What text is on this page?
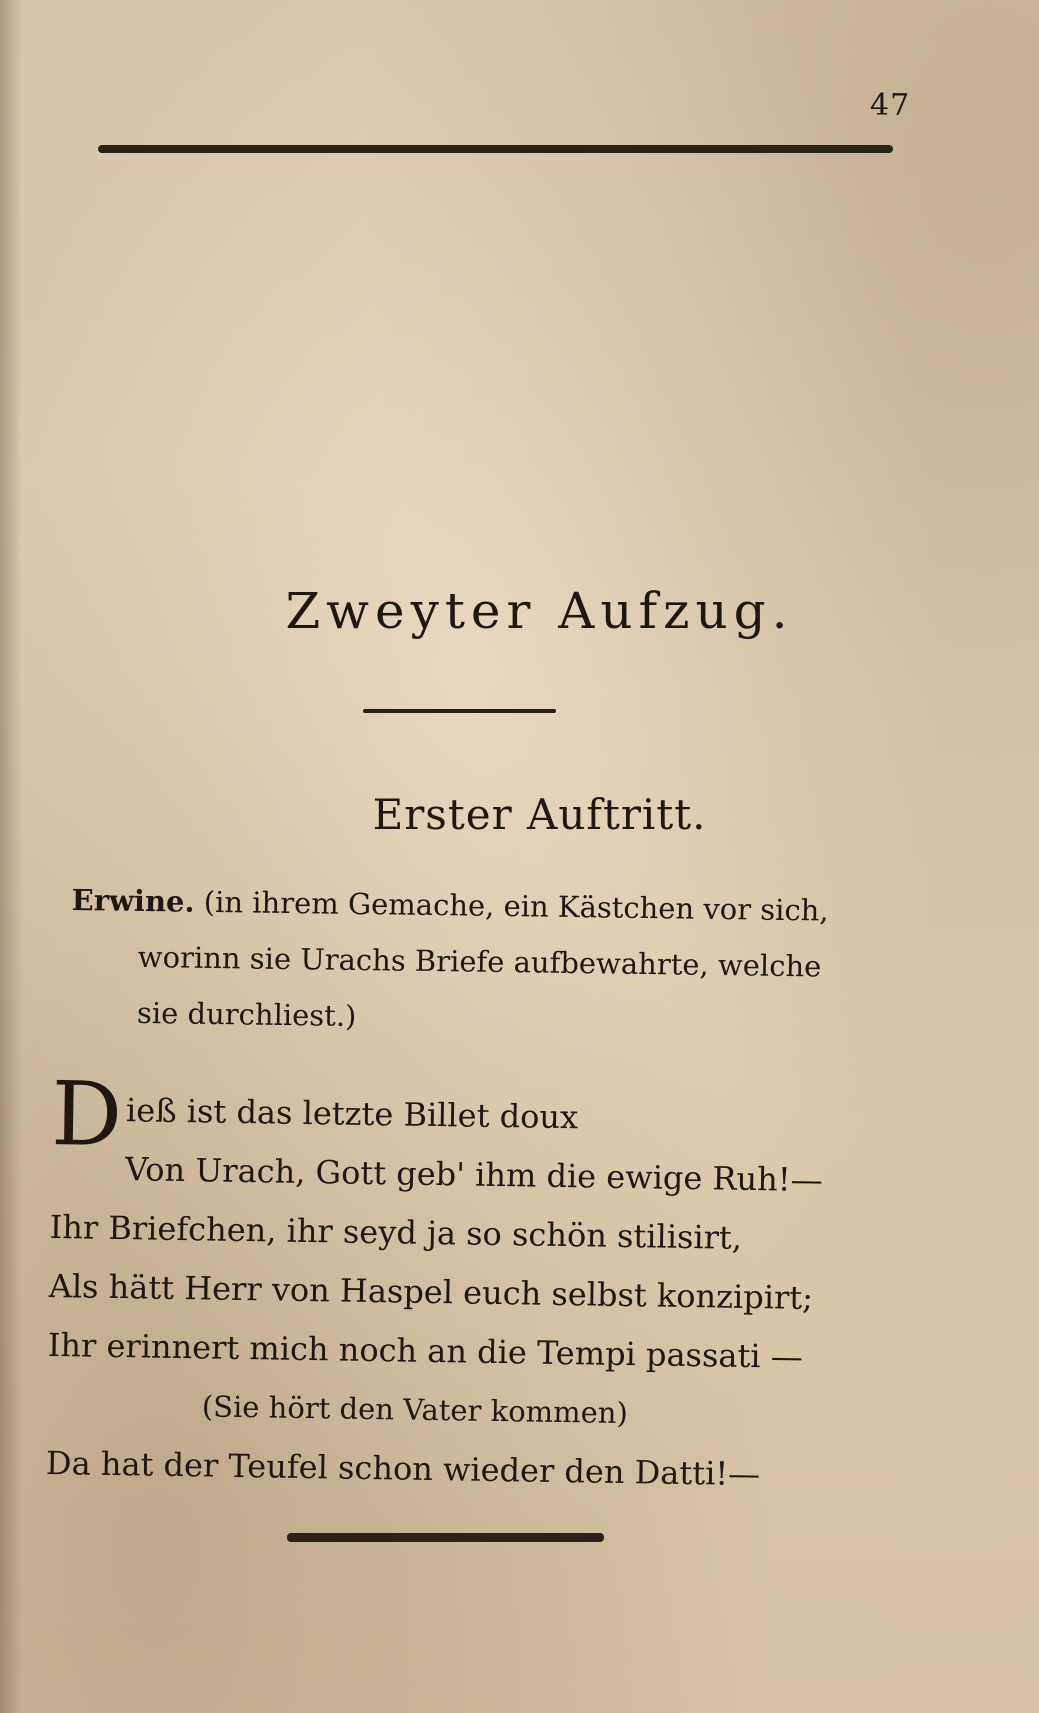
47
Zweyter Aufzug.
Erster Auftritt.
Erwine. (in ihrem Gemache, ein Kästchen vor sich,
worinn sie Urachs Briefe aufbewahrte, welche
sie durchliest.)
Dieß ist das letzte Billet doux
Von Urach, Gott geb' ihm die ewige Ruh!—
Ihr Briefchen, ihr seyd ja so schön stilisirt,
Als hätt Herr von Haspel euch selbst konzipirt;
Ihr erinnert mich noch an die Tempi passati —
(Sie hört den Vater kommen)
Da hat der Teufel schon wieder den Datti!—
